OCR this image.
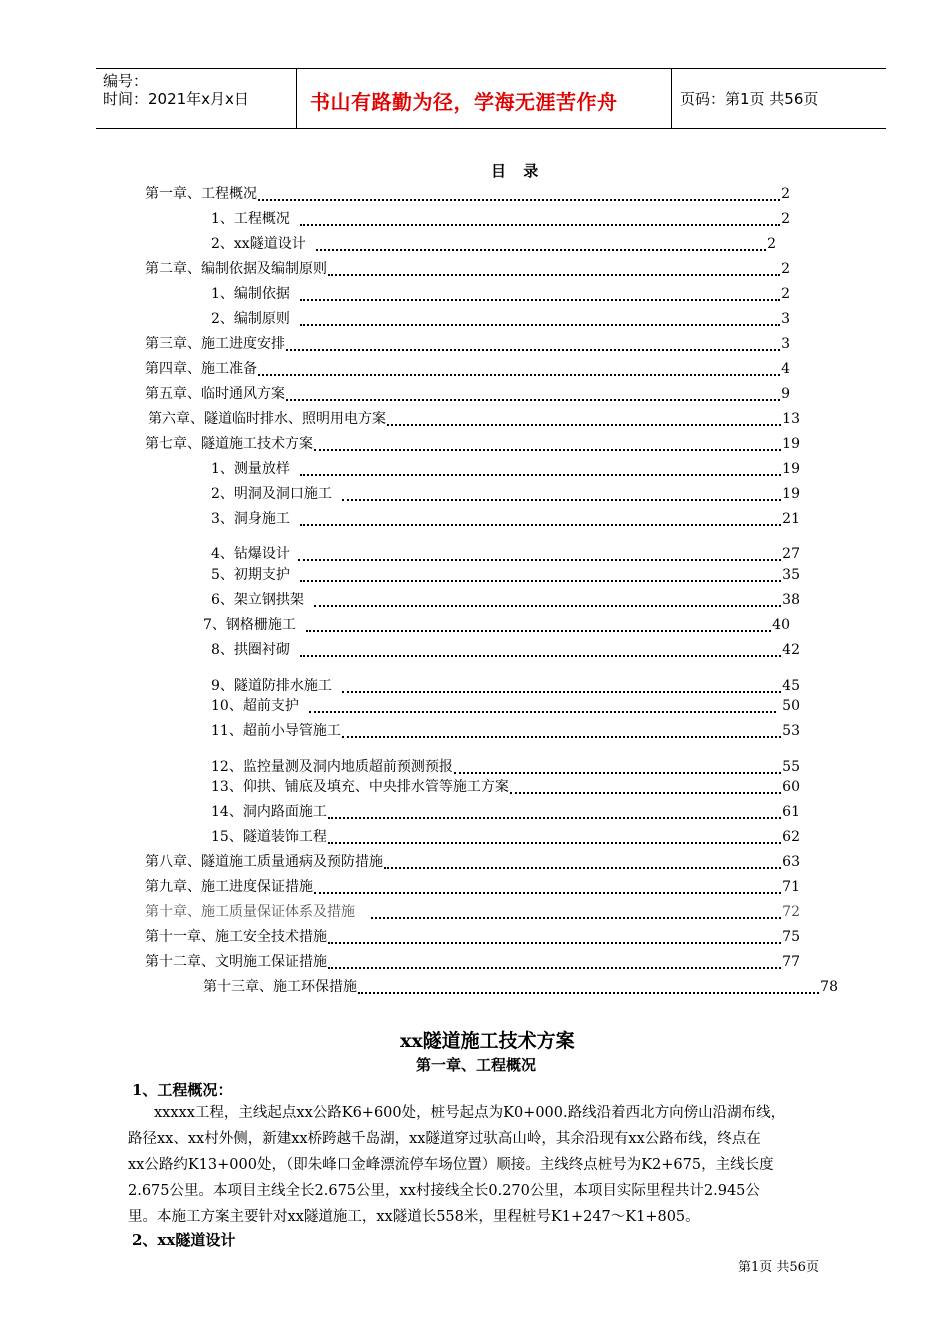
编号：
时间：2021年x月x日	书山有路勤为径，学海无涯苦作舟	页码：第1页 共56页
目 录
第一章、工程概况	2
1、工程概况	2
2、xx隧道设计	2
第二章、编制依据及编制原则	2
1、编制依据	2
2、编制原则	3
第三章、施工进度安排	3
第四章、施工准备	4
第五章、临时通风方案	9
第六章、隧道临时排水、照明用电方案	13
第七章、隧道施工技术方案	19
1、测量放样	19
2、明洞及洞口施工	19
3、洞身施工	21
4、钻爆设计	27
5、初期支护	35
6、架立钢拱架	38
7、钢格栅施工	40
8、拱圈衬砌	42
9、隧道防排水施工	45
10、超前支护	50
11、超前小导管施工	53
12、监控量测及洞内地质超前预测预报	55
13、仰拱、铺底及填充、中央排水管等施工方案	60
14、洞内路面施工	61
15、隧道装饰工程	62
第八章、隧道施工质量通病及预防措施	63
第九章、施工进度保证措施	71
第十章、施工质量保证体系及措施	72
第十一章、施工安全技术措施	75
第十二章、文明施工保证措施	77
第十三章、施工环保措施	78
xx隧道施工技术方案
第一章、工程概况
1、工程概况：
xxxxx工程，主线起点xx公路K6+600处，桩号起点为K0+000.路线沿着西北方向傍山沿湖布线，
路径xx、xx村外侧，新建xx桥跨越千岛湖，xx隧道穿过驮高山岭，其余沿现有xx公路布线，终点在
xx公路约K13+000处，（即朱峰口金峰漂流停车场位置）顺接。主线终点桩号为K2+675，主线长度
2.675公里。本项目主线全长2.675公里，xx村接线全长0.270公里，本项目实际里程共计2.945公
里。本施工方案主要针对xx隧道施工，xx隧道长558米，里程桩号K1+247～K1+805。
2、xx隧道设计
第1页 共56页
